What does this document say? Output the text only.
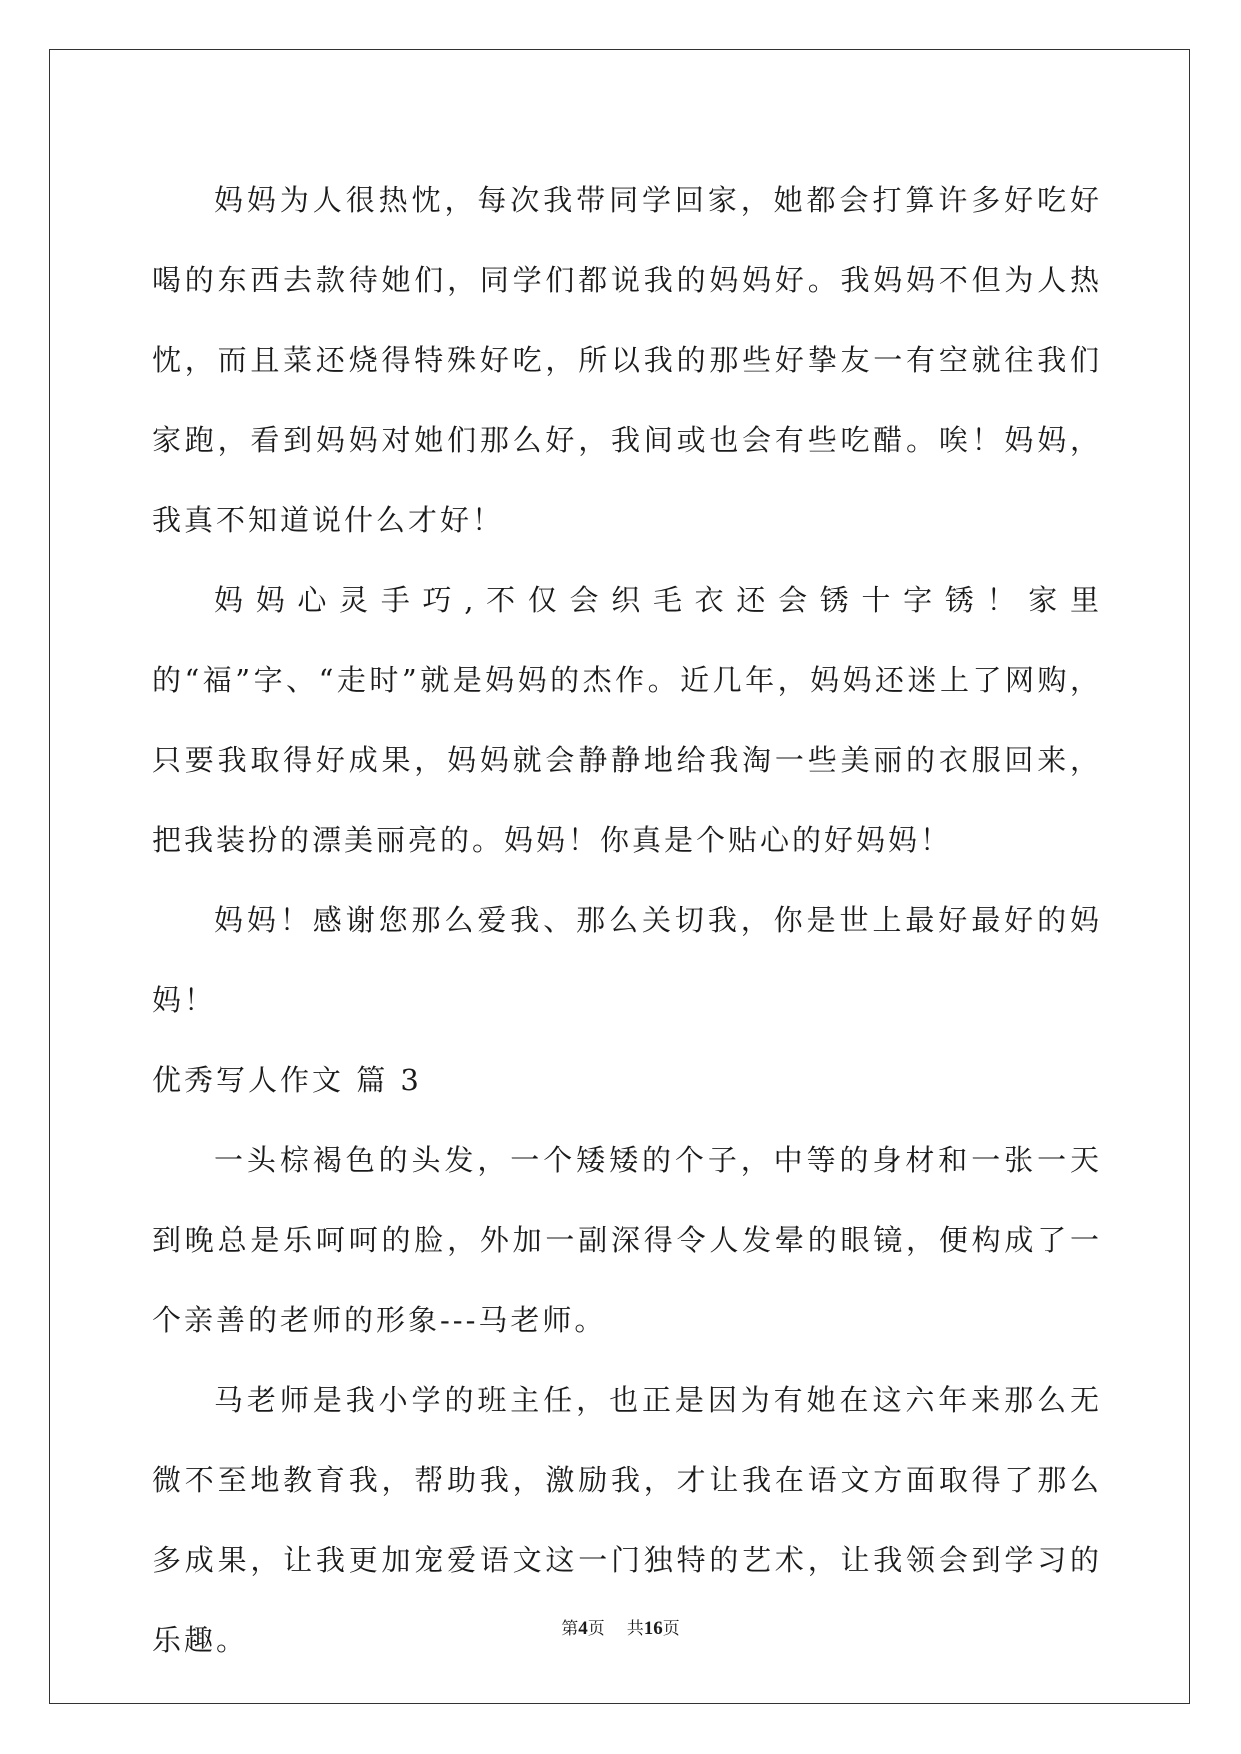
妈妈为人很热忱，每次我带同学回家，她都会打算许多好吃好喝的东西去款待她们，同学们都说我的妈妈好。我妈妈不但为人热忱，而且菜还烧得特殊好吃，所以我的那些好挚友一有空就往我们家跑，看到妈妈对她们那么好，我间或也会有些吃醋。唉！妈妈，我真不知道说什么才好！

妈妈心灵手巧,不仅会织毛衣还会锈十字锈！家里的“福”字、“走时”就是妈妈的杰作。近几年，妈妈还迷上了网购，只要我取得好成果，妈妈就会静静地给我淘一些美丽的衣服回来，把我装扮的漂美丽亮的。妈妈！你真是个贴心的好妈妈！

妈妈！感谢您那么爱我、那么关切我，你是世上最好最好的妈妈！

优秀写人作文 篇 3

一头棕褐色的头发，一个矮矮的个子，中等的身材和一张一天到晚总是乐呵呵的脸，外加一副深得令人发晕的眼镜，便构成了一个亲善的老师的形象---马老师。

马老师是我小学的班主任，也正是因为有她在这六年来那么无微不至地教育我，帮助我，激励我，才让我在语文方面取得了那么多成果，让我更加宠爱语文这一门独特的艺术，让我领会到学习的乐趣。	第4页 共16页
